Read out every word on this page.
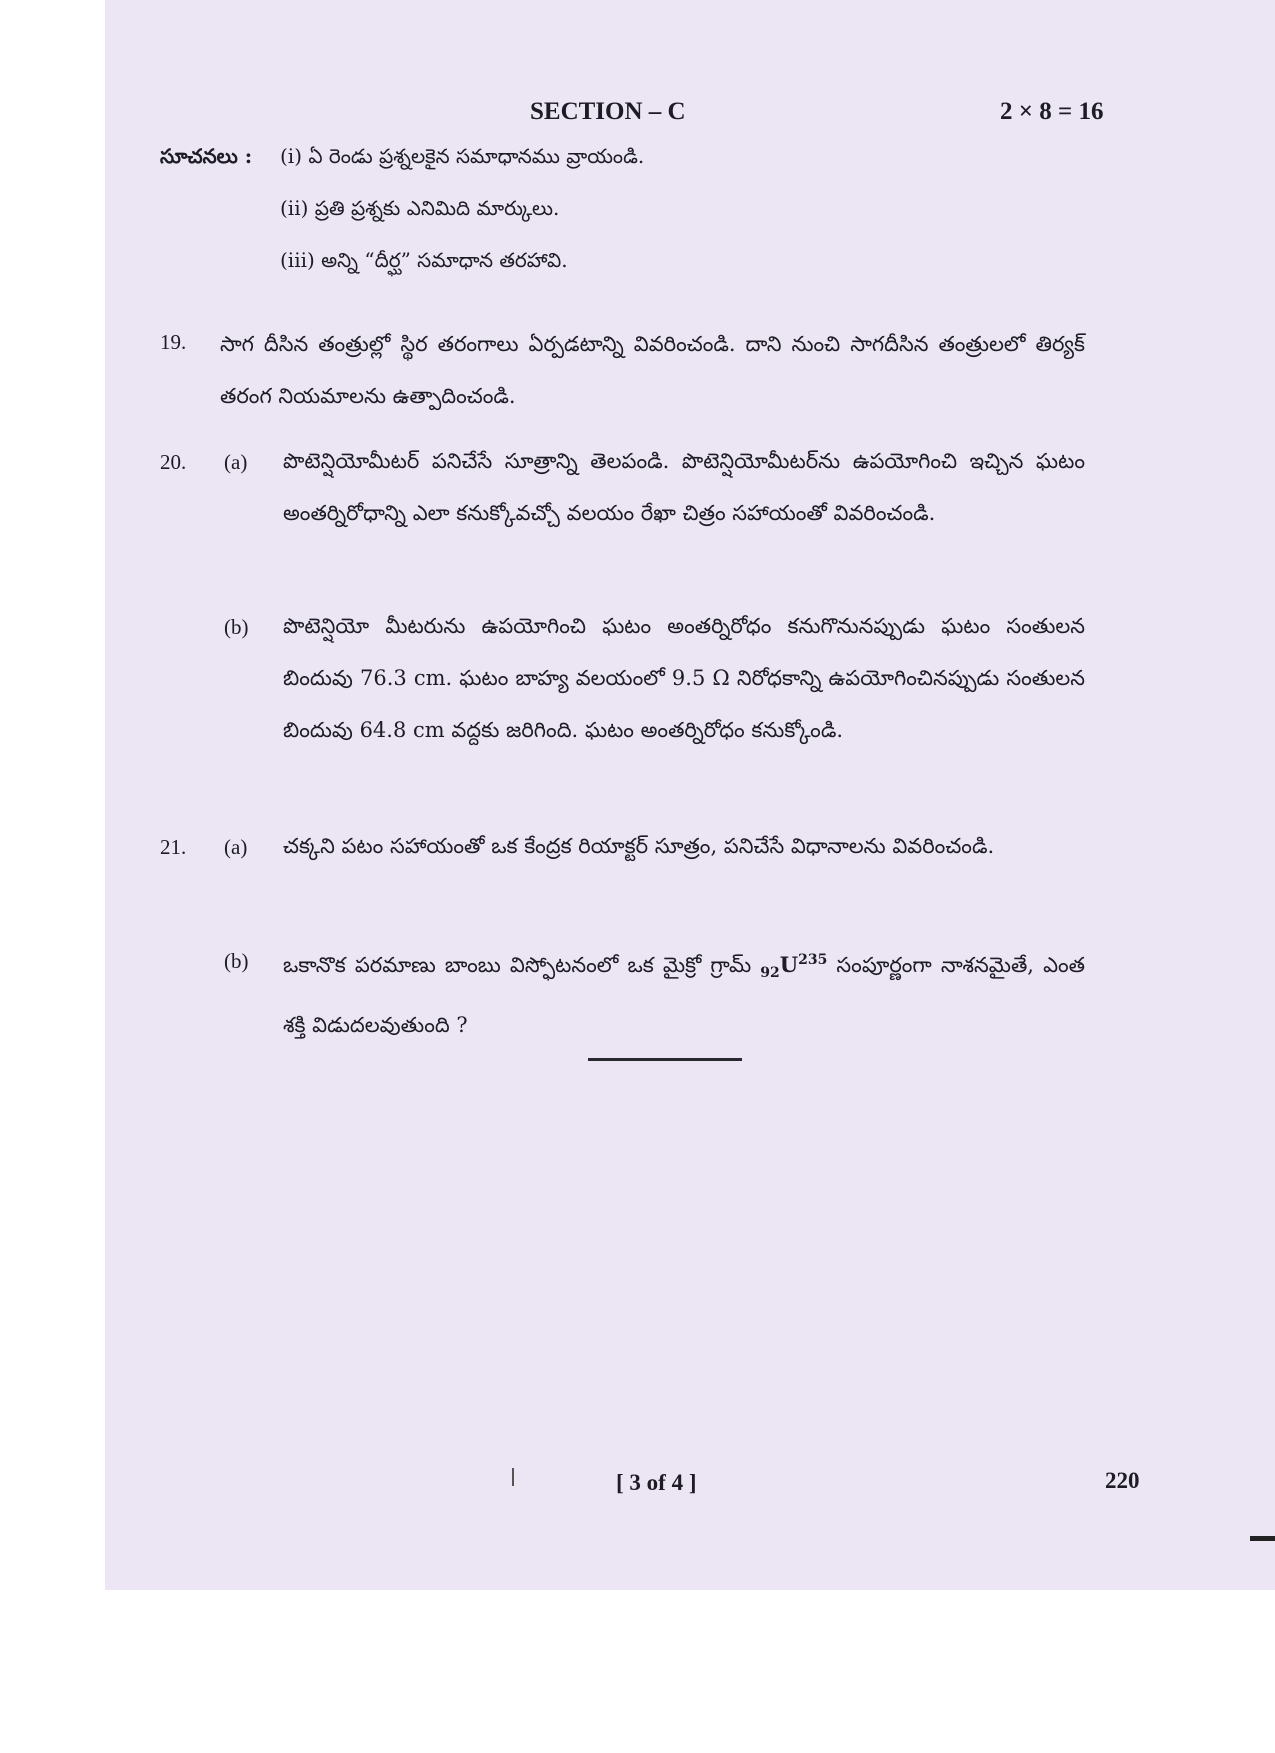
SECTION – C	2 × 8 = 16
సూచనలు : (i) ఏ రెండు ప్రశ్నలకైన సమాధానము వ్రాయండి.
(ii) ప్రతి ప్రశ్నకు ఎనిమిది మార్కులు.
(iii) అన్ని “దీర్ఘ” సమాధాన తరహావి.
19. సాగ దీసిన తంత్రుల్లో స్థిర తరంగాలు ఏర్పడటాన్ని వివరించండి. దాని నుంచి సాగదీసిన తంత్రులలో తిర్యక్ తరంగ నియమాలను ఉత్పాదించండి.
20. (a) పొటెన్షియోమీటర్ పనిచేసే సూత్రాన్ని తెలపండి. పొటెన్షియోమీటర్‌ను ఉపయోగించి ఇచ్చిన ఘటం అంతర్నిరోధాన్ని ఎలా కనుక్కోవచ్చో వలయం రేఖా చిత్రం సహాయంతో వివరించండి.
(b) పొటెన్షియో మీటరును ఉపయోగించి ఘటం అంతర్నిరోధం కనుగొనునప్పుడు ఘటం సంతులన బిందువు 76.3 cm. ఘటం బాహ్య వలయంలో 9.5 Ω నిరోధకాన్ని ఉపయోగించినప్పుడు సంతులన బిందువు 64.8 cm వద్దకు జరిగింది. ఘటం అంతర్నిరోధం కనుక్కోండి.
21. (a) చక్కని పటం సహాయంతో ఒక కేంద్రక రియాక్టర్ సూత్రం, పనిచేసే విధానాలను వివరించండి.
(b) ఒకానొక పరమాణు బాంబు విస్ఫోటనంలో ఒక మైక్రో గ్రామ్ $_{92}U^{235}$ సంపూర్ణంగా నాశనమైతే, ఎంత శక్తి విడుదలవుతుంది ?
[ 3 of 4 ]	220
